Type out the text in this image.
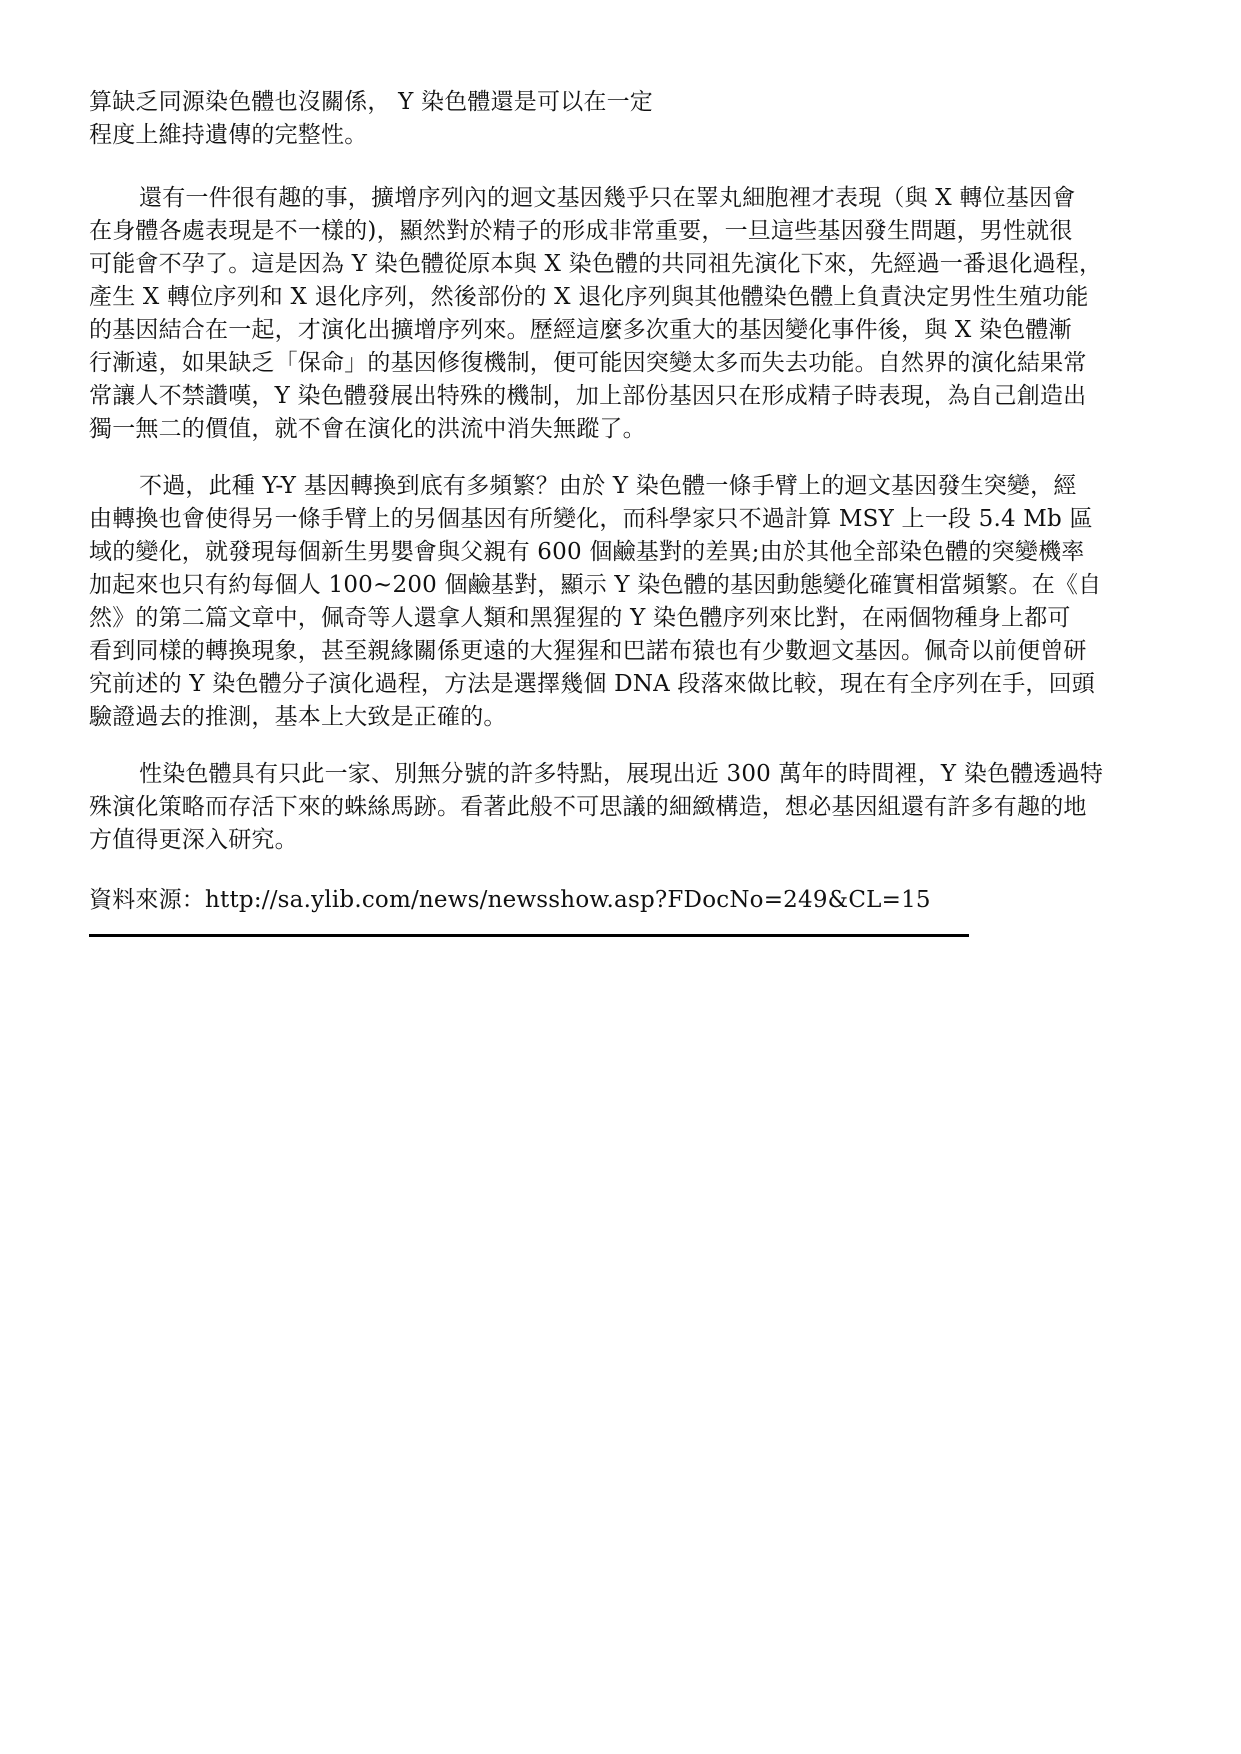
算缺乏同源染色體也沒關係， Y 染色體還是可以在一定
程度上維持遺傳的完整性。
還有一件很有趣的事，擴增序列內的迴文基因幾乎只在睪丸細胞裡才表現（與 X 轉位基因會
在身體各處表現是不一樣的)，顯然對於精子的形成非常重要，一旦這些基因發生問題，男性就很
可能會不孕了。這是因為 Y 染色體從原本與 X 染色體的共同祖先演化下來，先經過一番退化過程，
產生 X 轉位序列和 X 退化序列，然後部份的 X 退化序列與其他體染色體上負責決定男性生殖功能
的基因結合在一起，才演化出擴增序列來。歷經這麼多次重大的基因變化事件後，與 X 染色體漸
行漸遠，如果缺乏「保命」的基因修復機制，便可能因突變太多而失去功能。自然界的演化結果常
常讓人不禁讚嘆，Y 染色體發展出特殊的機制，加上部份基因只在形成精子時表現，為自己創造出
獨一無二的價值，就不會在演化的洪流中消失無蹤了。
不過，此種 Y-Y 基因轉換到底有多頻繁？由於 Y 染色體一條手臂上的迴文基因發生突變，經
由轉換也會使得另一條手臂上的另個基因有所變化，而科學家只不過計算 MSY 上一段 5.4 Mb 區
域的變化，就發現每個新生男嬰會與父親有 600 個鹼基對的差異;由於其他全部染色體的突變機率
加起來也只有約每個人 100~200 個鹼基對，顯示 Y 染色體的基因動態變化確實相當頻繁。在《自
然》的第二篇文章中，佩奇等人還拿人類和黑猩猩的 Y 染色體序列來比對，在兩個物種身上都可
看到同樣的轉換現象，甚至親緣關係更遠的大猩猩和巴諾布猿也有少數迴文基因。佩奇以前便曾研
究前述的 Y 染色體分子演化過程，方法是選擇幾個 DNA 段落來做比較，現在有全序列在手，回頭
驗證過去的推測，基本上大致是正確的。
性染色體具有只此一家、別無分號的許多特點，展現出近 300 萬年的時間裡，Y 染色體透過特
殊演化策略而存活下來的蛛絲馬跡。看著此般不可思議的細緻構造，想必基因組還有許多有趣的地
方值得更深入研究。
資料來源：http://sa.ylib.com/news/newsshow.asp?FDocNo=249&CL=15
